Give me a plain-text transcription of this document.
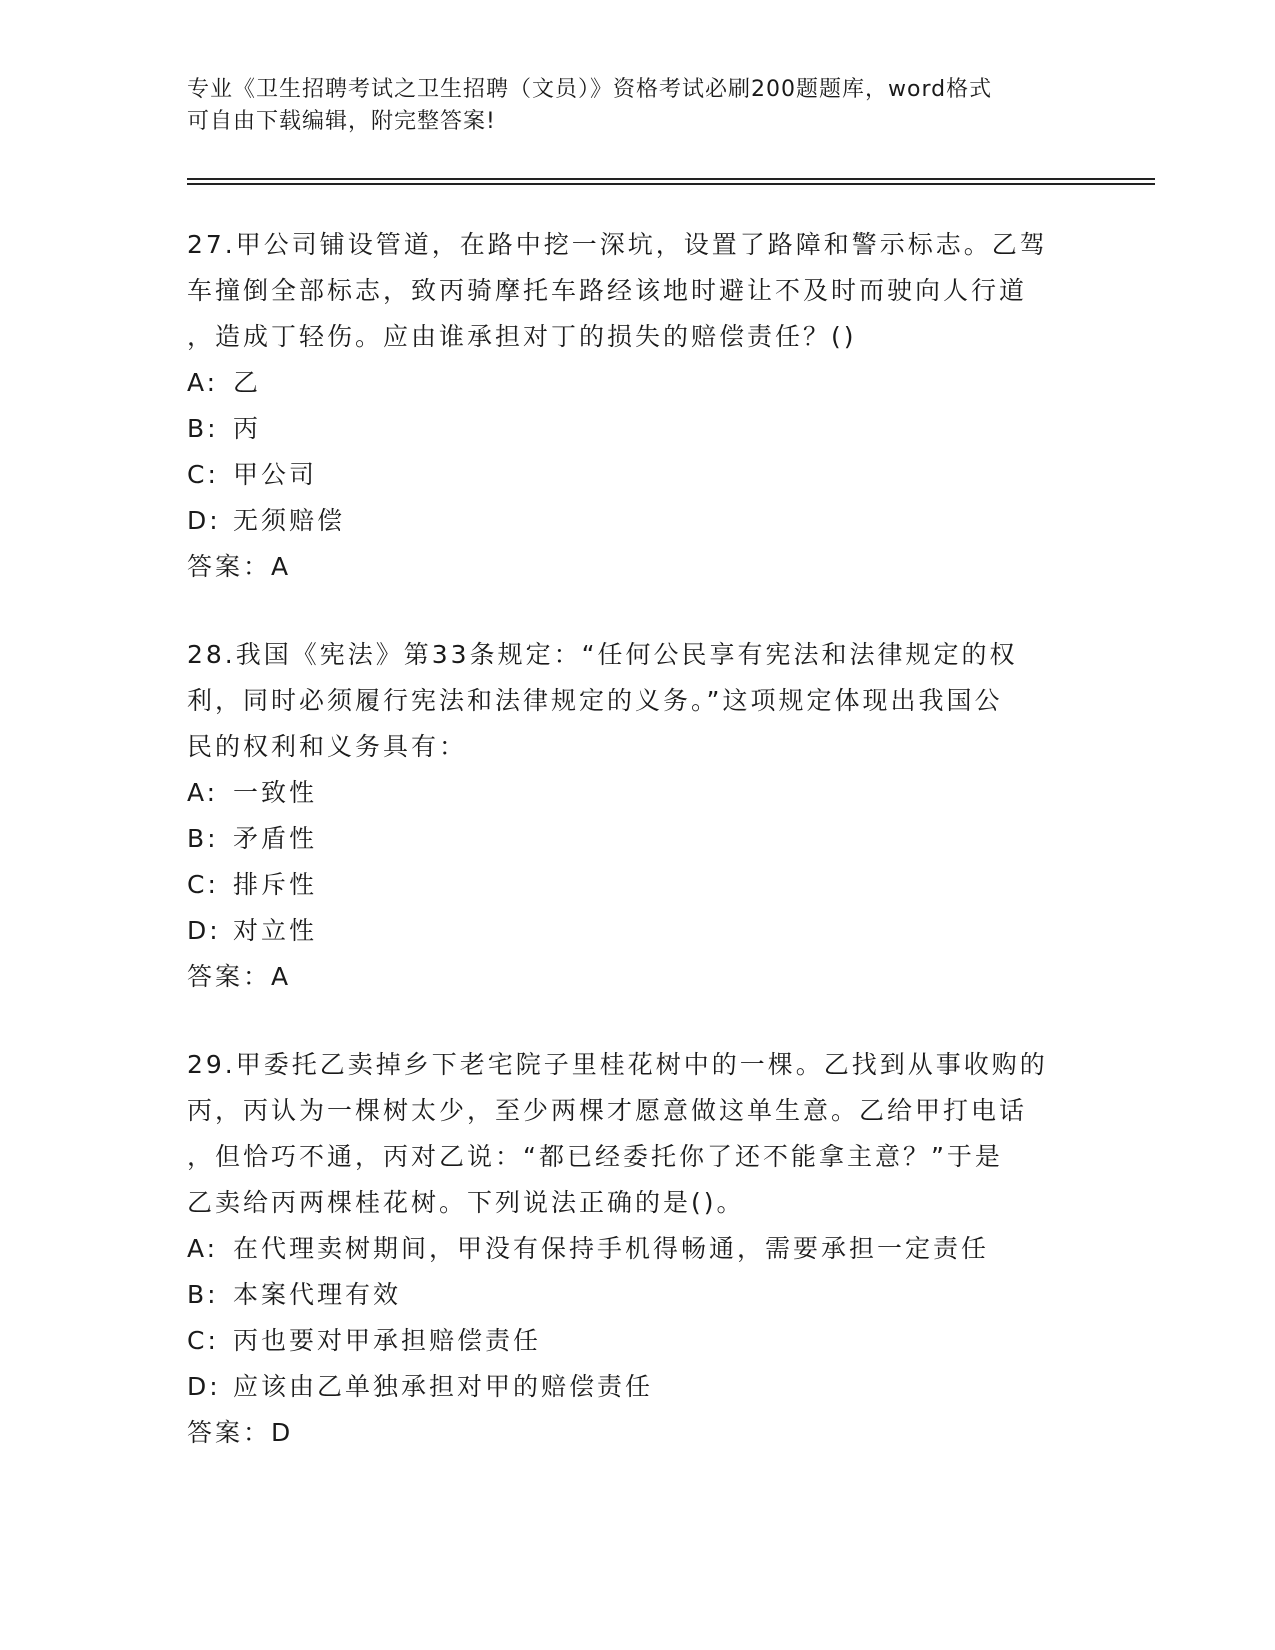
专业《卫生招聘考试之卫生招聘（文员）》资格考试必刷200题题库，word格式
可自由下载编辑，附完整答案!
27.甲公司铺设管道，在路中挖一深坑，设置了路障和警示标志。乙驾
车撞倒全部标志，致丙骑摩托车路经该地时避让不及时而驶向人行道
，造成丁轻伤。应由谁承担对丁的损失的赔偿责任？()
A: 乙
B: 丙
C: 甲公司
D: 无须赔偿
答案：A
28.我国《宪法》第33条规定：“任何公民享有宪法和法律规定的权
利，同时必须履行宪法和法律规定的义务。”这项规定体现出我国公
民的权利和义务具有：
A: 一致性
B: 矛盾性
C: 排斥性
D: 对立性
答案：A
29.甲委托乙卖掉乡下老宅院子里桂花树中的一棵。乙找到从事收购的
丙，丙认为一棵树太少，至少两棵才愿意做这单生意。乙给甲打电话
，但恰巧不通，丙对乙说：“都已经委托你了还不能拿主意？”于是
乙卖给丙两棵桂花树。下列说法正确的是()。
A: 在代理卖树期间，甲没有保持手机得畅通，需要承担一定责任
B: 本案代理有效
C: 丙也要对甲承担赔偿责任
D: 应该由乙单独承担对甲的赔偿责任
答案：D
